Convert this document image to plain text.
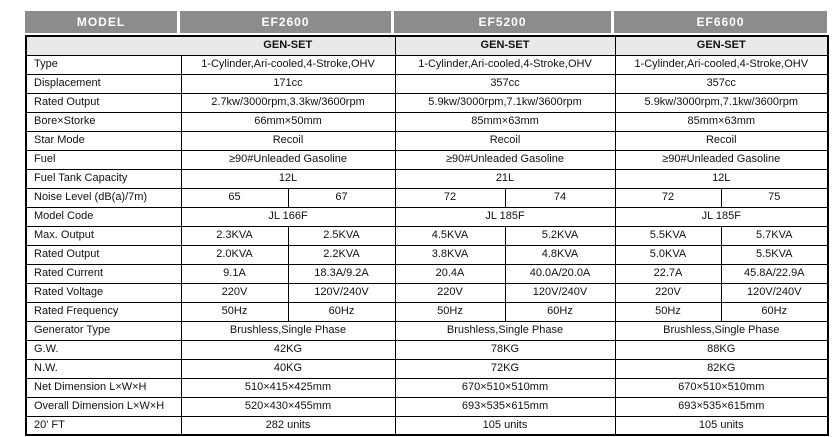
MODEL	EF2600	EF5200	EF6600
	GEN-SET		GEN-SET		GEN-SET	
Type	1-Cylinder,Ari-cooled,4-Stroke,OHV		1-Cylinder,Ari-cooled,4-Stroke,OHV		1-Cylinder,Ari-cooled,4-Stroke,OHV	
Displacement	171cc		357cc		357cc	
Rated Output	2.7kw/3000rpm,3.3kw/3600rpm		5.9kw/3000rpm,7.1kw/3600rpm		5.9kw/3000rpm,7.1kw/3600rpm	
Bore×Storke	66mm×50mm		85mm×63mm		85mm×63mm	
Star Mode	Recoil		Recoil		Recoil	
Fuel	≥90#Unleaded Gasoline		≥90#Unleaded Gasoline		≥90#Unleaded Gasoline	
Fuel Tank Capacity	12L		21L		12L	
Noise Level (dB(a)/7m)	65	67	72	74	72	75
Model Code	JL 166F		JL 185F		JL 185F	
Max. Output	2.3KVA	2.5KVA	4.5KVA	5.2KVA	5.5KVA	5.7KVA
Rated Output	2.0KVA	2.2KVA	3.8KVA	4.8KVA	5.0KVA	5.5KVA
Rated Current	9.1A	18.3A/9.2A	20.4A	40.0A/20.0A	22.7A	45.8A/22.9A
Rated Voltage	220V	120V/240V	220V	120V/240V	220V	120V/240V
Rated Frequency	50Hz	60Hz	50Hz	60Hz	50Hz	60Hz
Generator Type	Brushless,Single Phase		Brushless,Single Phase		Brushless,Single Phase	
G.W.	42KG		78KG		88KG	
N.W.	40KG		72KG		82KG	
Net Dimension L×W×H	510×415×425mm		670×510×510mm		670×510×510mm	
Overall Dimension L×W×H	520×430×455mm		693×535×615mm		693×535×615mm	
20' FT	282 units		105 units		105 units	
